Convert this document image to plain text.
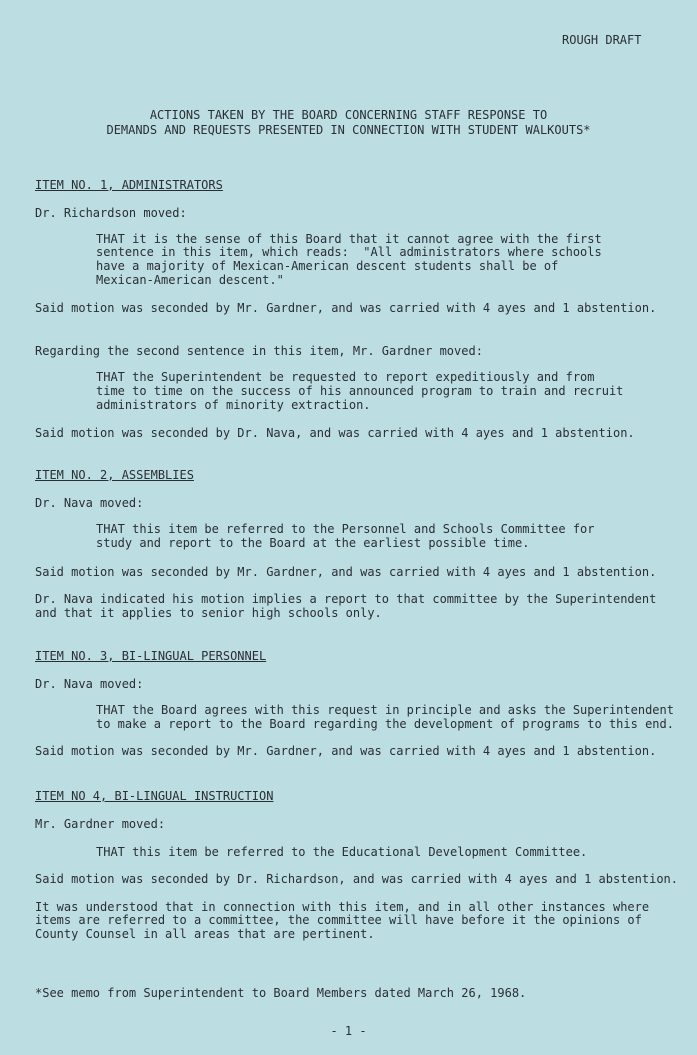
ROUGH DRAFT

ACTIONS TAKEN BY THE BOARD CONCERNING STAFF RESPONSE TO

DEMANDS AND REQUESTS PRESENTED IN CONNECTION WITH STUDENT WALKOUTS*

ITEM NO. 1, ADMINISTRATORS

Dr. Richardson moved:

THAT it is the sense of this Board that it cannot agree with the first

sentence in this item, which reads:  "All administrators where schools

have a majority of Mexican-American descent students shall be of

Mexican-American descent."

Said motion was seconded by Mr. Gardner, and was carried with 4 ayes and 1 abstention.

Regarding the second sentence in this item, Mr. Gardner moved:

THAT the Superintendent be requested to report expeditiously and from

time to time on the success of his announced program to train and recruit

administrators of minority extraction.

Said motion was seconded by Dr. Nava, and was carried with 4 ayes and 1 abstention.

ITEM NO. 2, ASSEMBLIES

Dr. Nava moved:

THAT this item be referred to the Personnel and Schools Committee for

study and report to the Board at the earliest possible time.

Said motion was seconded by Mr. Gardner, and was carried with 4 ayes and 1 abstention.

Dr. Nava indicated his motion implies a report to that committee by the Superintendent

and that it applies to senior high schools only.

ITEM NO. 3, BI-LINGUAL PERSONNEL

Dr. Nava moved:

THAT the Board agrees with this request in principle and asks the Superintendent

to make a report to the Board regarding the development of programs to this end.

Said motion was seconded by Mr. Gardner, and was carried with 4 ayes and 1 abstention.

ITEM NO 4, BI-LINGUAL INSTRUCTION

Mr. Gardner moved:

THAT this item be referred to the Educational Development Committee.

Said motion was seconded by Dr. Richardson, and was carried with 4 ayes and 1 abstention.

It was understood that in connection with this item, and in all other instances where

items are referred to a committee, the committee will have before it the opinions of

County Counsel in all areas that are pertinent.

*See memo from Superintendent to Board Members dated March 26, 1968.

- 1 -
